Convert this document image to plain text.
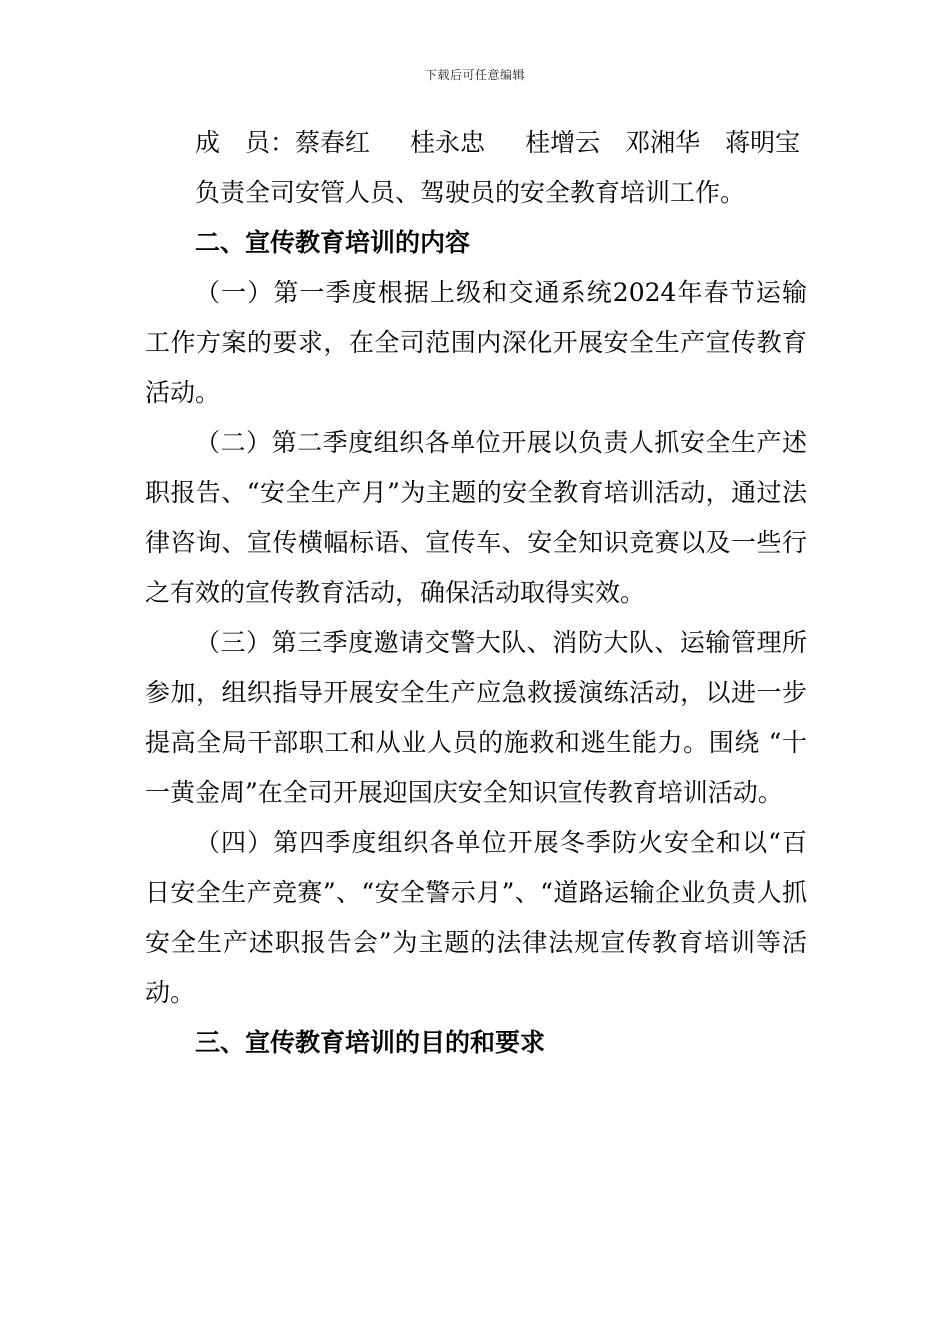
下载后可任意编辑

成 员：蔡春红 桂永忠 桂增云 邓湘华 蒋明宝

负责全司安管人员、驾驶员的安全教育培训工作。

二、宣传教育培训的内容

（一）第一季度根据上级和交通系统2024年春节运输工作方案的要求，在全司范围内深化开展安全生产宣传教育活动。

（二）第二季度组织各单位开展以负责人抓安全生产述职报告、“安全生产月”为主题的安全教育培训活动，通过法律咨询、宣传横幅标语、宣传车、安全知识竞赛以及一些行之有效的宣传教育活动，确保活动取得实效。

（三）第三季度邀请交警大队、消防大队、运输管理所参加，组织指导开展安全生产应急救援演练活动，以进一步提高全局干部职工和从业人员的施救和逃生能力。围绕 “十一黄金周”在全司开展迎国庆安全知识宣传教育培训活动。

（四）第四季度组织各单位开展冬季防火安全和以“百日安全生产竞赛”、“安全警示月”、“道路运输企业负责人抓安全生产述职报告会”为主题的法律法规宣传教育培训等活动。

三、宣传教育培训的目的和要求
